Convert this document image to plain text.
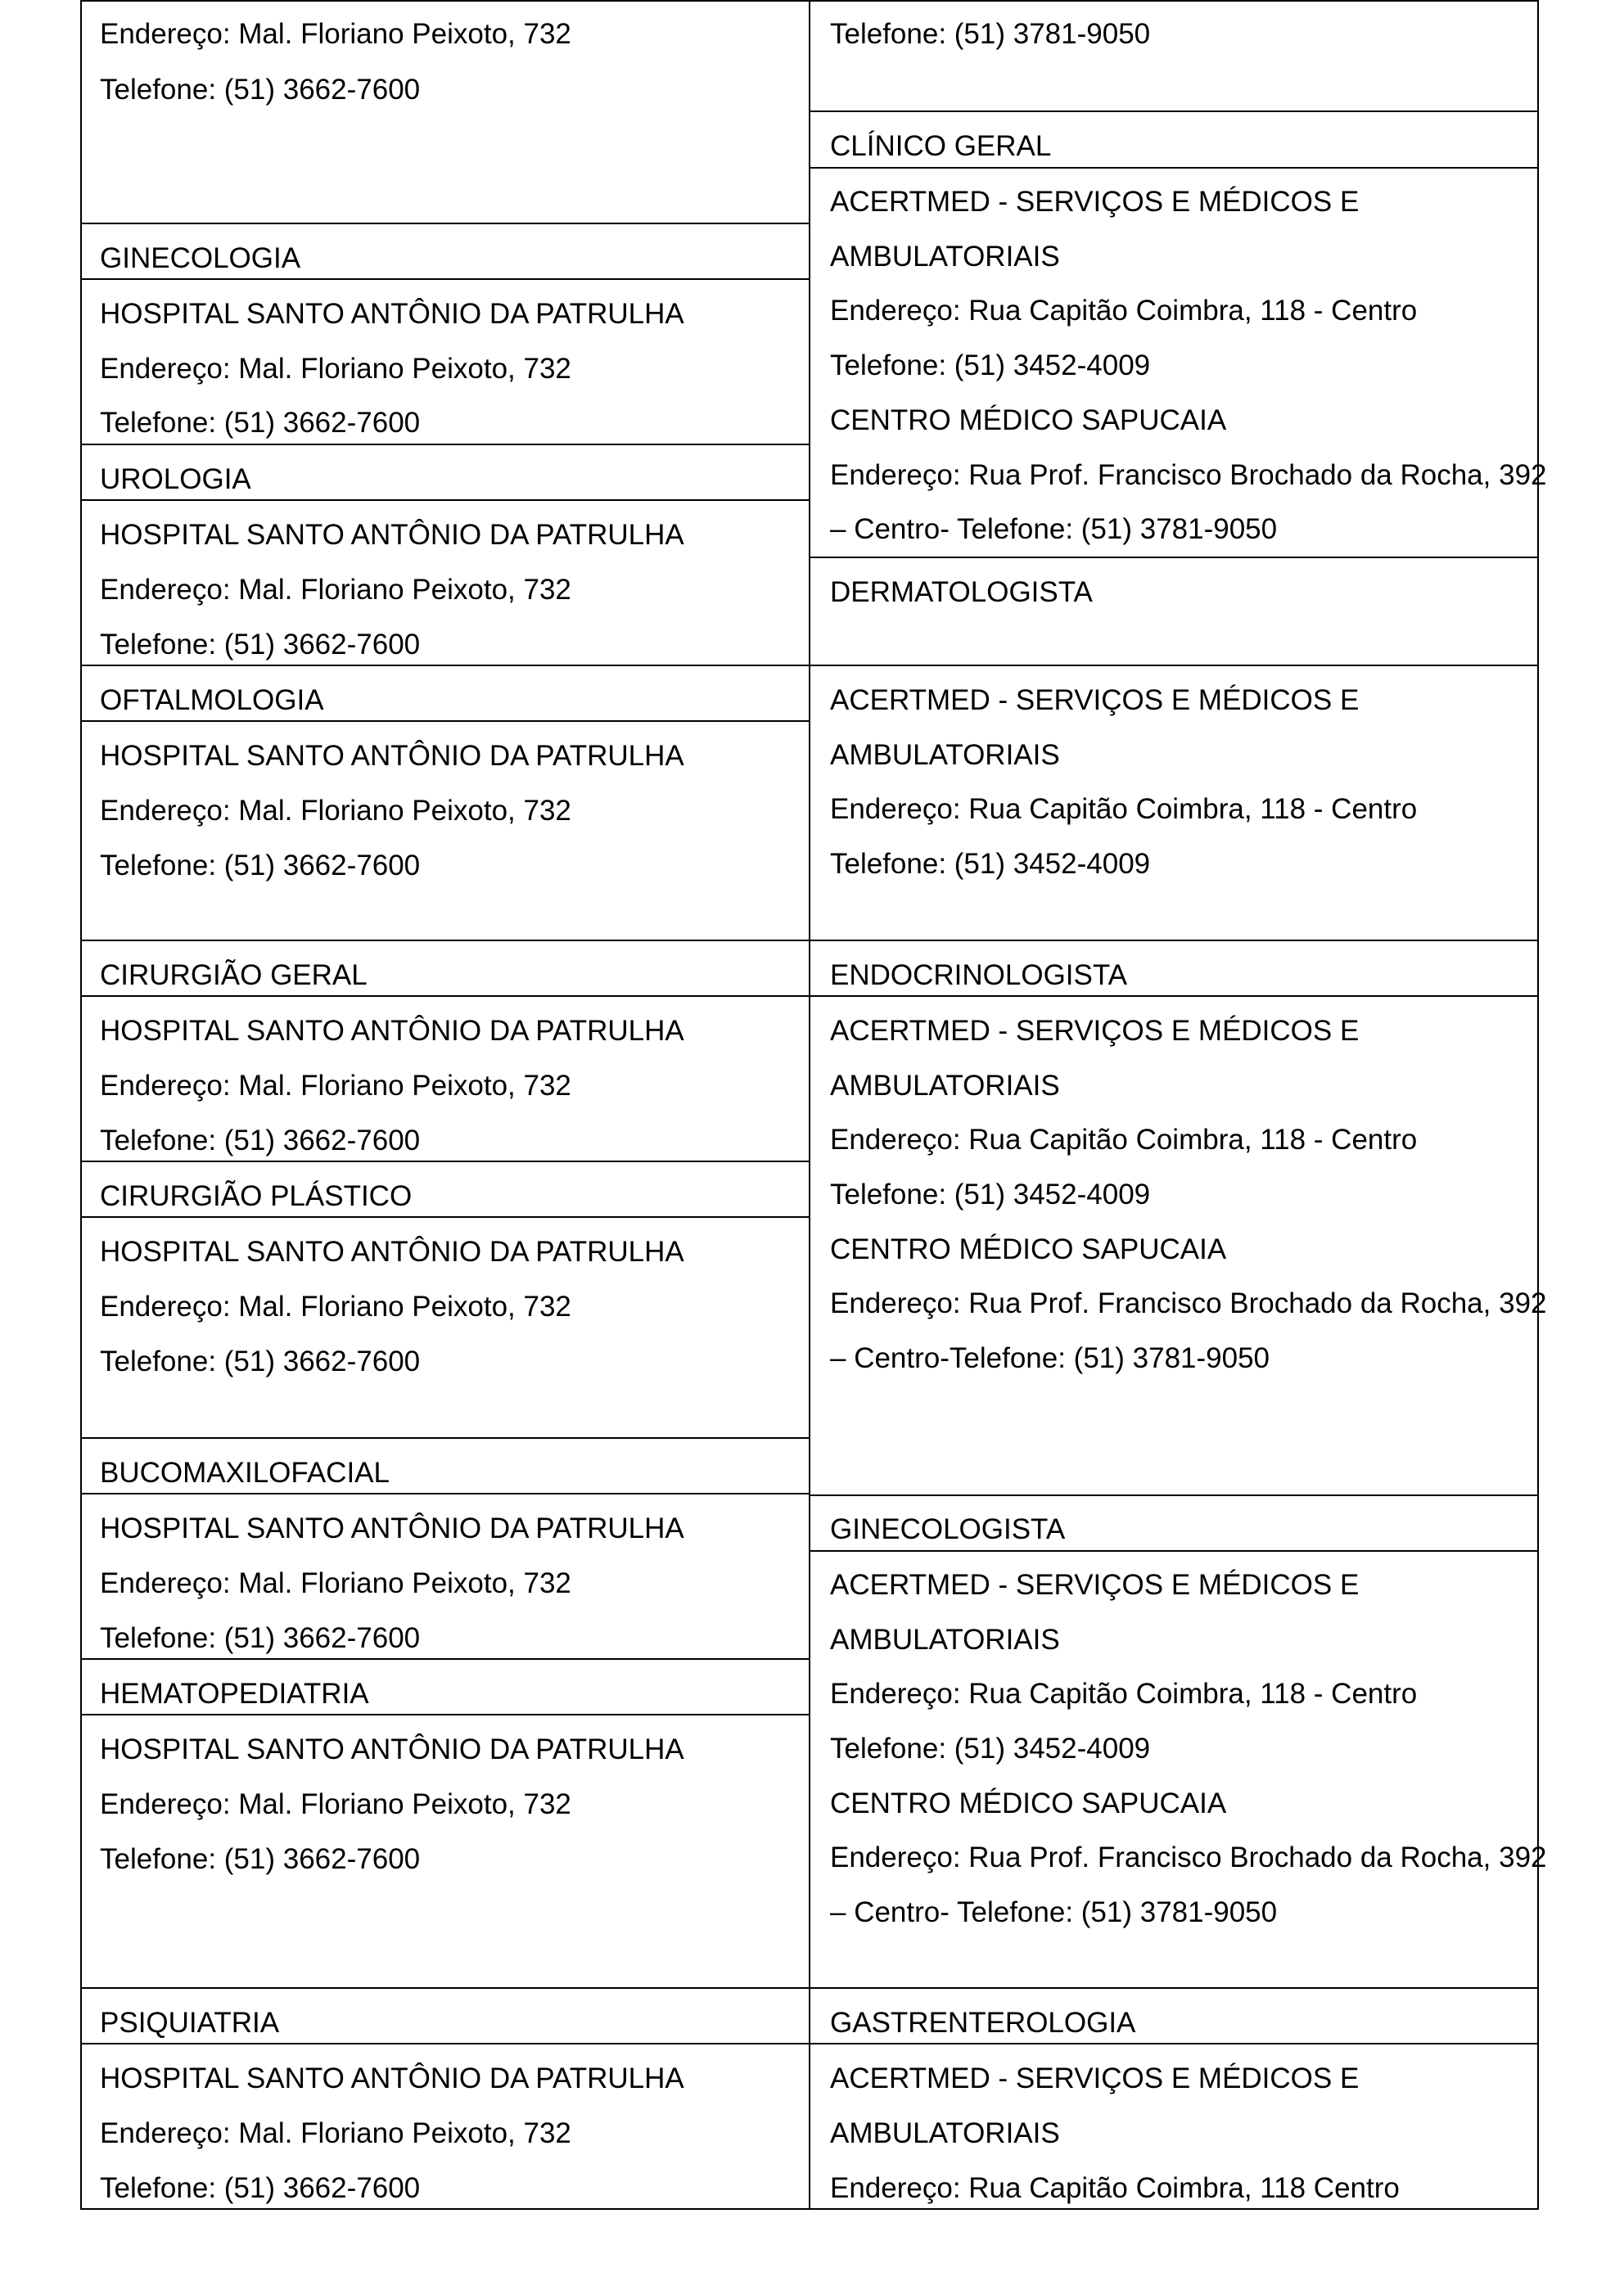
Endereço: Mal. Floriano Peixoto, 732
Telefone: (51) 3662-7600
GINECOLOGIA
HOSPITAL SANTO ANTÔNIO DA PATRULHA
Endereço: Mal. Floriano Peixoto, 732
Telefone: (51) 3662-7600
UROLOGIA
HOSPITAL SANTO ANTÔNIO DA PATRULHA
Endereço: Mal. Floriano Peixoto, 732
Telefone: (51) 3662-7600
OFTALMOLOGIA
HOSPITAL SANTO ANTÔNIO DA PATRULHA
Endereço: Mal. Floriano Peixoto, 732
Telefone: (51) 3662-7600
CIRURGIÃO GERAL
HOSPITAL SANTO ANTÔNIO DA PATRULHA
Endereço: Mal. Floriano Peixoto, 732
Telefone: (51) 3662-7600
CIRURGIÃO PLÁSTICO
HOSPITAL SANTO ANTÔNIO DA PATRULHA
Endereço: Mal. Floriano Peixoto, 732
Telefone: (51) 3662-7600
BUCOMAXILOFACIAL
HOSPITAL SANTO ANTÔNIO DA PATRULHA
Endereço: Mal. Floriano Peixoto, 732
Telefone: (51) 3662-7600
HEMATOPEDIATRIA
HOSPITAL SANTO ANTÔNIO DA PATRULHA
Endereço: Mal. Floriano Peixoto, 732
Telefone: (51) 3662-7600
PSIQUIATRIA
HOSPITAL SANTO ANTÔNIO DA PATRULHA
Endereço: Mal. Floriano Peixoto, 732
Telefone: (51) 3662-7600
Telefone: (51) 3781-9050
CLÍNICO GERAL
ACERTMED - SERVIÇOS E MÉDICOS E
AMBULATORIAIS
Endereço: Rua Capitão Coimbra, 118 - Centro
Telefone: (51) 3452-4009
CENTRO MÉDICO SAPUCAIA
Endereço: Rua Prof. Francisco Brochado da Rocha, 392
– Centro- Telefone: (51) 3781-9050
DERMATOLOGISTA
ACERTMED - SERVIÇOS E MÉDICOS E
AMBULATORIAIS
Endereço: Rua Capitão Coimbra, 118 - Centro
Telefone: (51) 3452-4009
ENDOCRINOLOGISTA
ACERTMED - SERVIÇOS E MÉDICOS E
AMBULATORIAIS
Endereço: Rua Capitão Coimbra, 118 - Centro
Telefone: (51) 3452-4009
CENTRO MÉDICO SAPUCAIA
Endereço: Rua Prof. Francisco Brochado da Rocha, 392
– Centro-Telefone: (51) 3781-9050
GINECOLOGISTA
ACERTMED - SERVIÇOS E MÉDICOS E
AMBULATORIAIS
Endereço: Rua Capitão Coimbra, 118 - Centro
Telefone: (51) 3452-4009
CENTRO MÉDICO SAPUCAIA
Endereço: Rua Prof. Francisco Brochado da Rocha, 392
– Centro- Telefone: (51) 3781-9050
GASTRENTEROLOGIA
ACERTMED - SERVIÇOS E MÉDICOS E
AMBULATORIAIS
Endereço: Rua Capitão Coimbra, 118 Centro
